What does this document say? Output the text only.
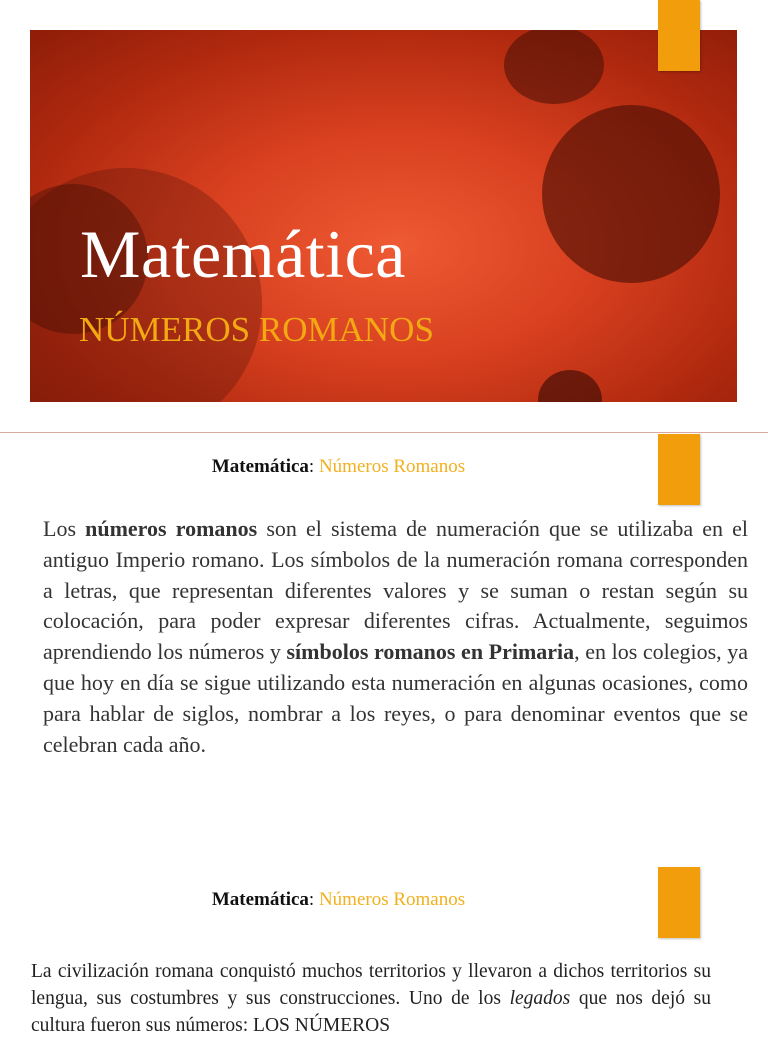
Matemática
NÚMEROS ROMANOS
Matemática: Números Romanos
Los números romanos son el sistema de numeración que se utilizaba en el antiguo Imperio romano. Los símbolos de la numeración romana corresponden a letras, que representan diferentes valores y se suman o restan según su colocación, para poder expresar diferentes cifras. Actualmente, seguimos aprendiendo los números y símbolos romanos en Primaria, en los colegios, ya que hoy en día se sigue utilizando esta numeración en algunas ocasiones, como para hablar de siglos, nombrar a los reyes, o para denominar eventos que se celebran cada año.
Matemática: Números Romanos
La civilización romana conquistó muchos territorios y llevaron a dichos territorios su lengua, sus costumbres y sus construcciones. Uno de los legados que nos dejó su cultura fueron sus números: LOS NÚMEROS
